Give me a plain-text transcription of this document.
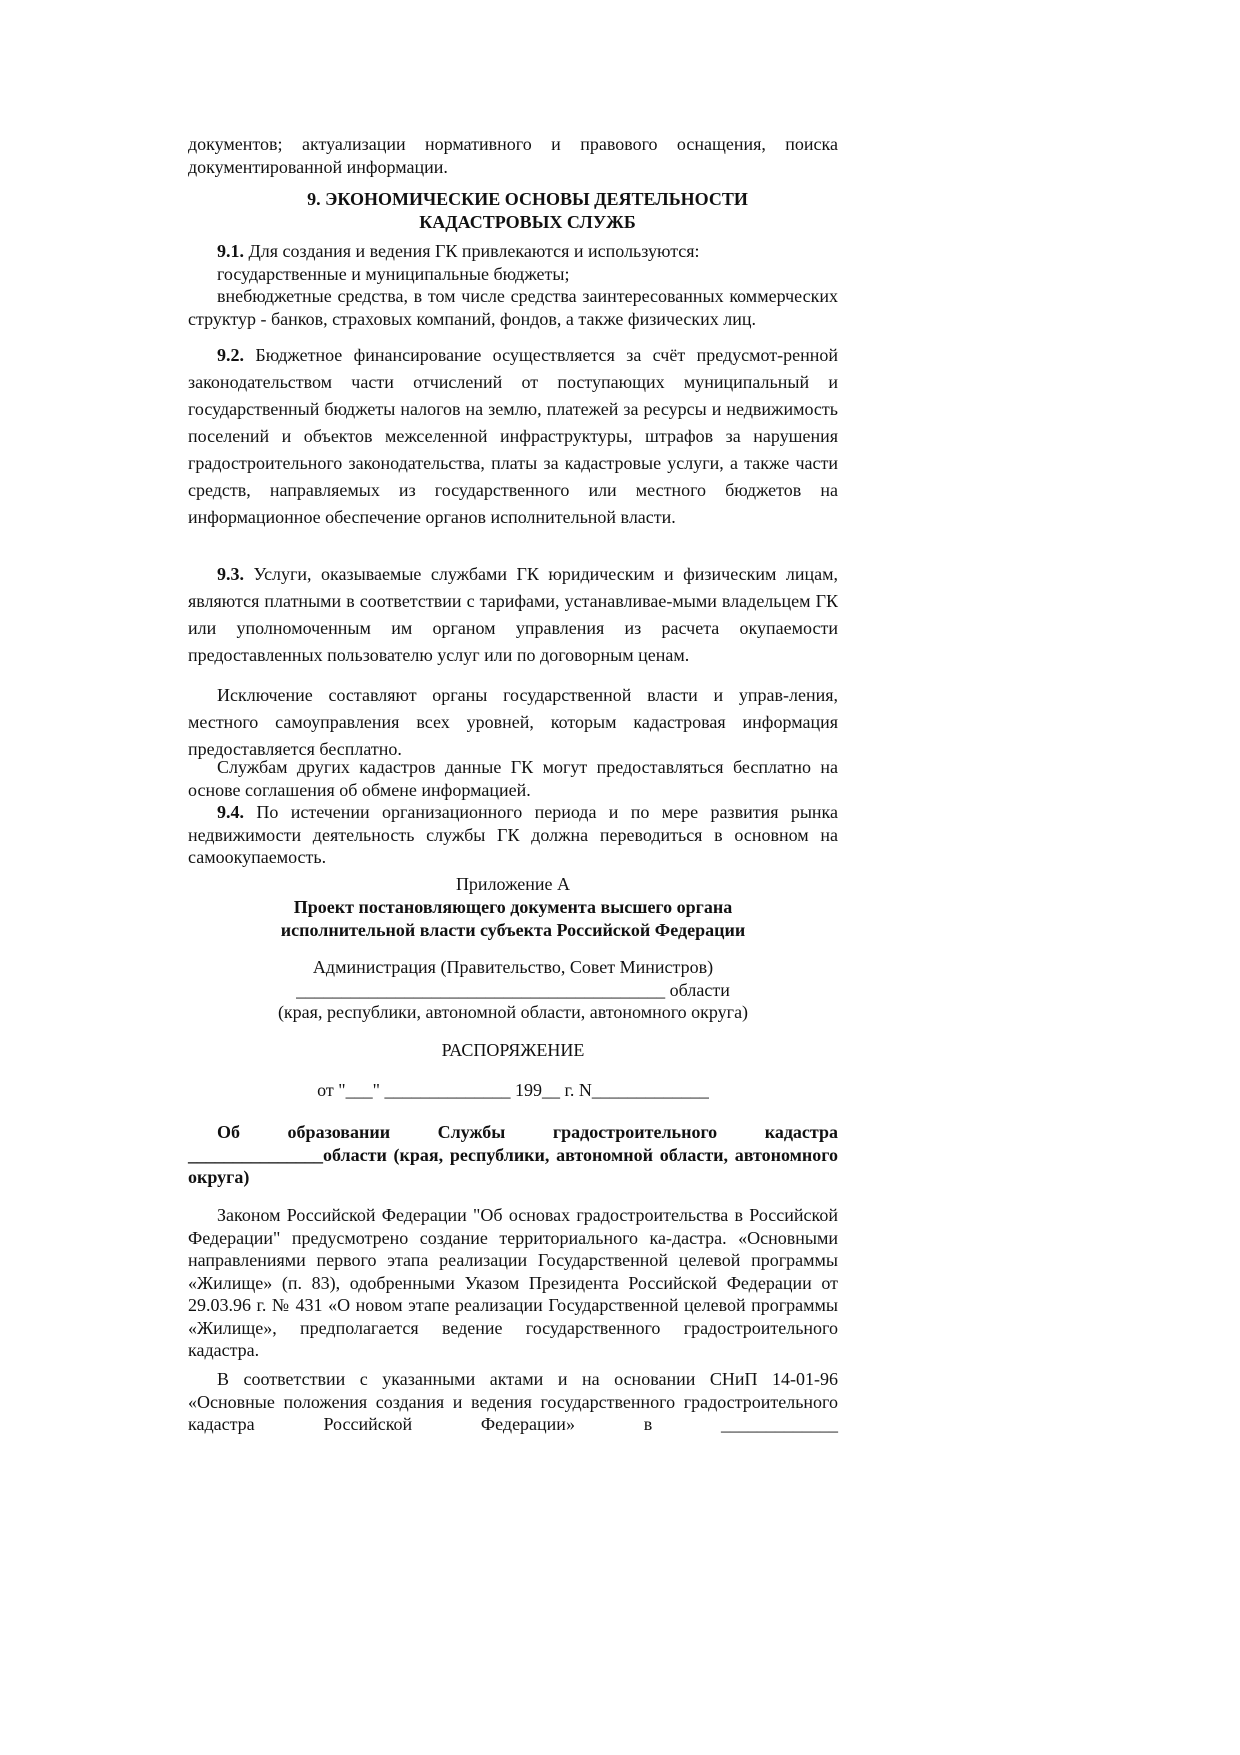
документов; актуализации нормативного и правового оснащения, поиска
документированной информации.
9. ЭКОНОМИЧЕСКИЕ ОСНОВЫ ДЕЯТЕЛЬНОСТИ
КАДАСТРОВЫХ СЛУЖБ

9.1. Для создания и ведения ГК привлекаются и используются:

государственные и муниципальные бюджеты;

внебюджетные средства, в том числе средства заинтересованных коммерческих структур - банков, страховых компаний, фондов, а также физических лиц.

9.2. Бюджетное финансирование осуществляется за счёт предусмот-ренной законодательством части отчислений от поступающих муниципальный и государственный бюджеты налогов на землю, платежей за ресурсы и недвижимость поселений и объектов межселенной инфраструктуры, штрафов за нарушения градостроительного законодательства, платы за кадастровые услуги, а также части средств, направляемых из государственного или местного бюджетов на информационное обеспечение органов исполнительной власти.

9.3. Услуги, оказываемые службами ГК юридическим и физическим лицам, являются платными в соответствии с тарифами, устанавливае-мыми владельцем ГК или уполномоченным им органом управления из расчета окупаемости предоставленных пользователю услуг или по договорным ценам.

Исключение составляют органы государственной власти и управ-ления, местного самоуправления всех уровней, которым кадастровая информация предоставляется бесплатно.

Службам других кадастров данные ГК могут предоставляться бесплатно на основе соглашения об обмене информацией.

9.4. По истечении организационного периода и по мере развития рынка недвижимости деятельность службы ГК должна переводиться в основном на самоокупаемость.

Приложение А
Проект постановляющего документа высшего органа
исполнительной власти субъекта Российской Федерации
Администрация (Правительство, Совет Министров)
_________________________________________ области
(края, республики, автономной области, автономного округа)
РАСПОРЯЖЕНИЕ
от "___" ______________ 199__ г. N_____________

Об образовании Службы градостроительного кадастра _______________области (края, республики, автономной области, автономного округа)

Законом Российской Федерации "Об основах градостроительства в Российской Федерации" предусмотрено создание территориального ка-дастра. «Основными направлениями первого этапа реализации Государственной целевой программы «Жилище» (п. 83), одобренными Указом Президента Российской Федерации от 29.03.96 г. № 431 «О новом этапе реализации Государственной целевой программы «Жилище», предполагается ведение государственного градостроительного кадастра.

В соответствии с указанными актами и на основании СНиП 14-01-96 «Основные положения создания и ведения государственного градостроительного кадастра Российской Федерации» в _____________
